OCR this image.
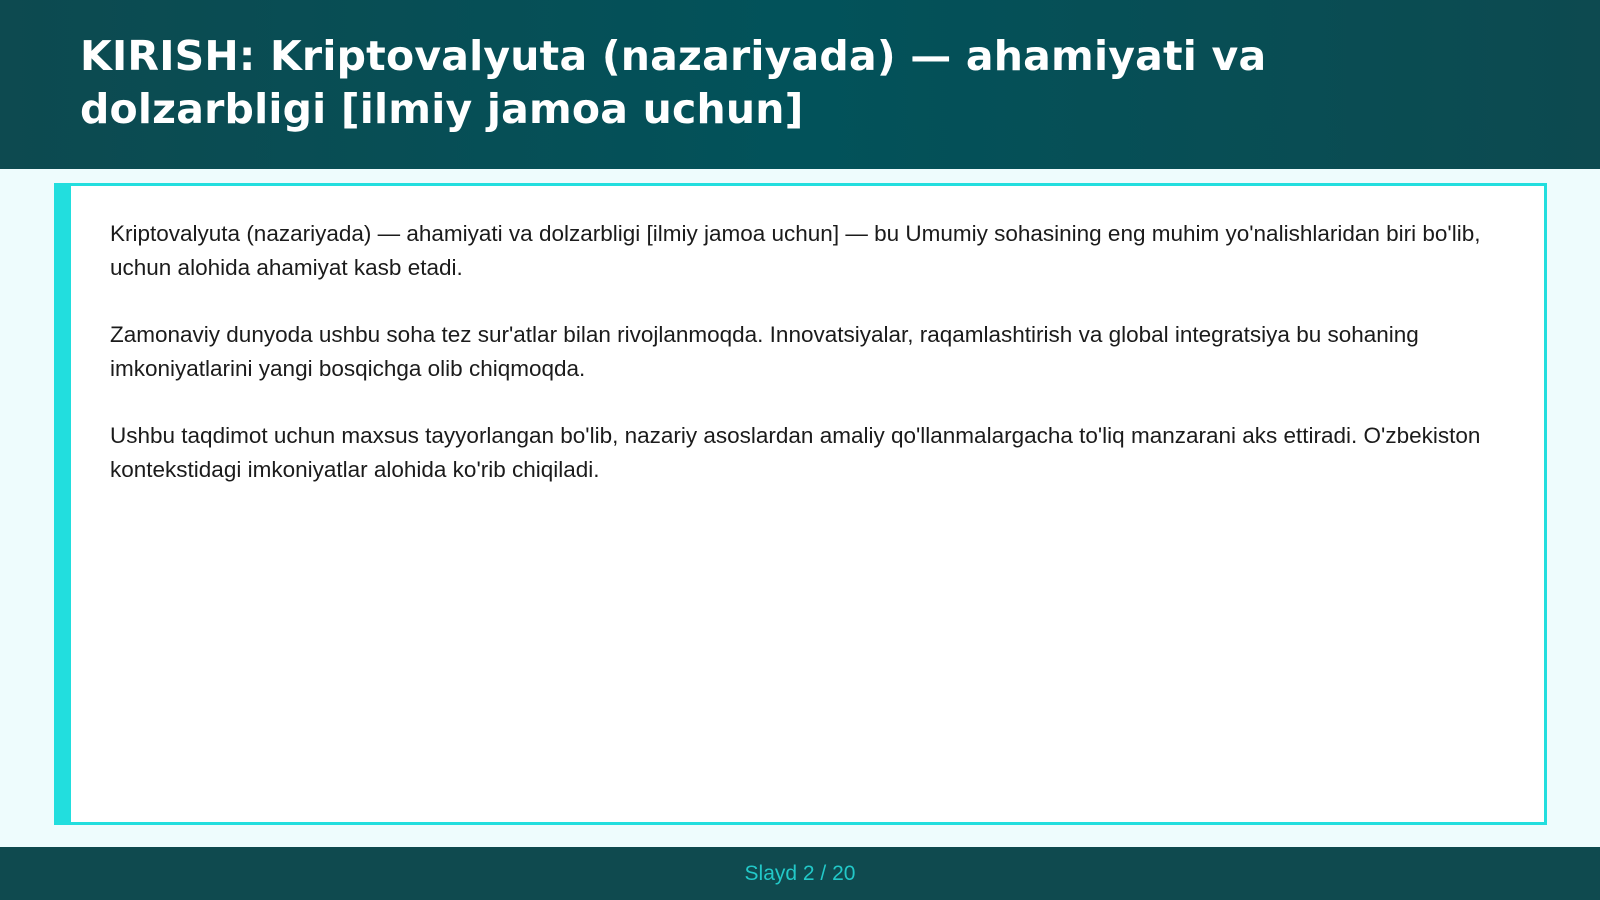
KIRISH: Kriptovalyuta (nazariyada) — ahamiyati va dolzarbligi [ilmiy jamoa uchun]

Kriptovalyuta (nazariyada) — ahamiyati va dolzarbligi [ilmiy jamoa uchun] — bu Umumiy sohasining eng muhim yo'nalishlaridan biri bo'lib, uchun alohida ahamiyat kasb etadi.

Zamonaviy dunyoda ushbu soha tez sur'atlar bilan rivojlanmoqda. Innovatsiyalar, raqamlashtirish va global integratsiya bu sohaning imkoniyatlarini yangi bosqichga olib chiqmoqda.

Ushbu taqdimot uchun maxsus tayyorlangan bo'lib, nazariy asoslardan amaliy qo'llanmalargacha to'liq manzarani aks ettiradi. O'zbekiston kontekstidagi imkoniyatlar alohida ko'rib chiqiladi.

Slayd 2 / 20
